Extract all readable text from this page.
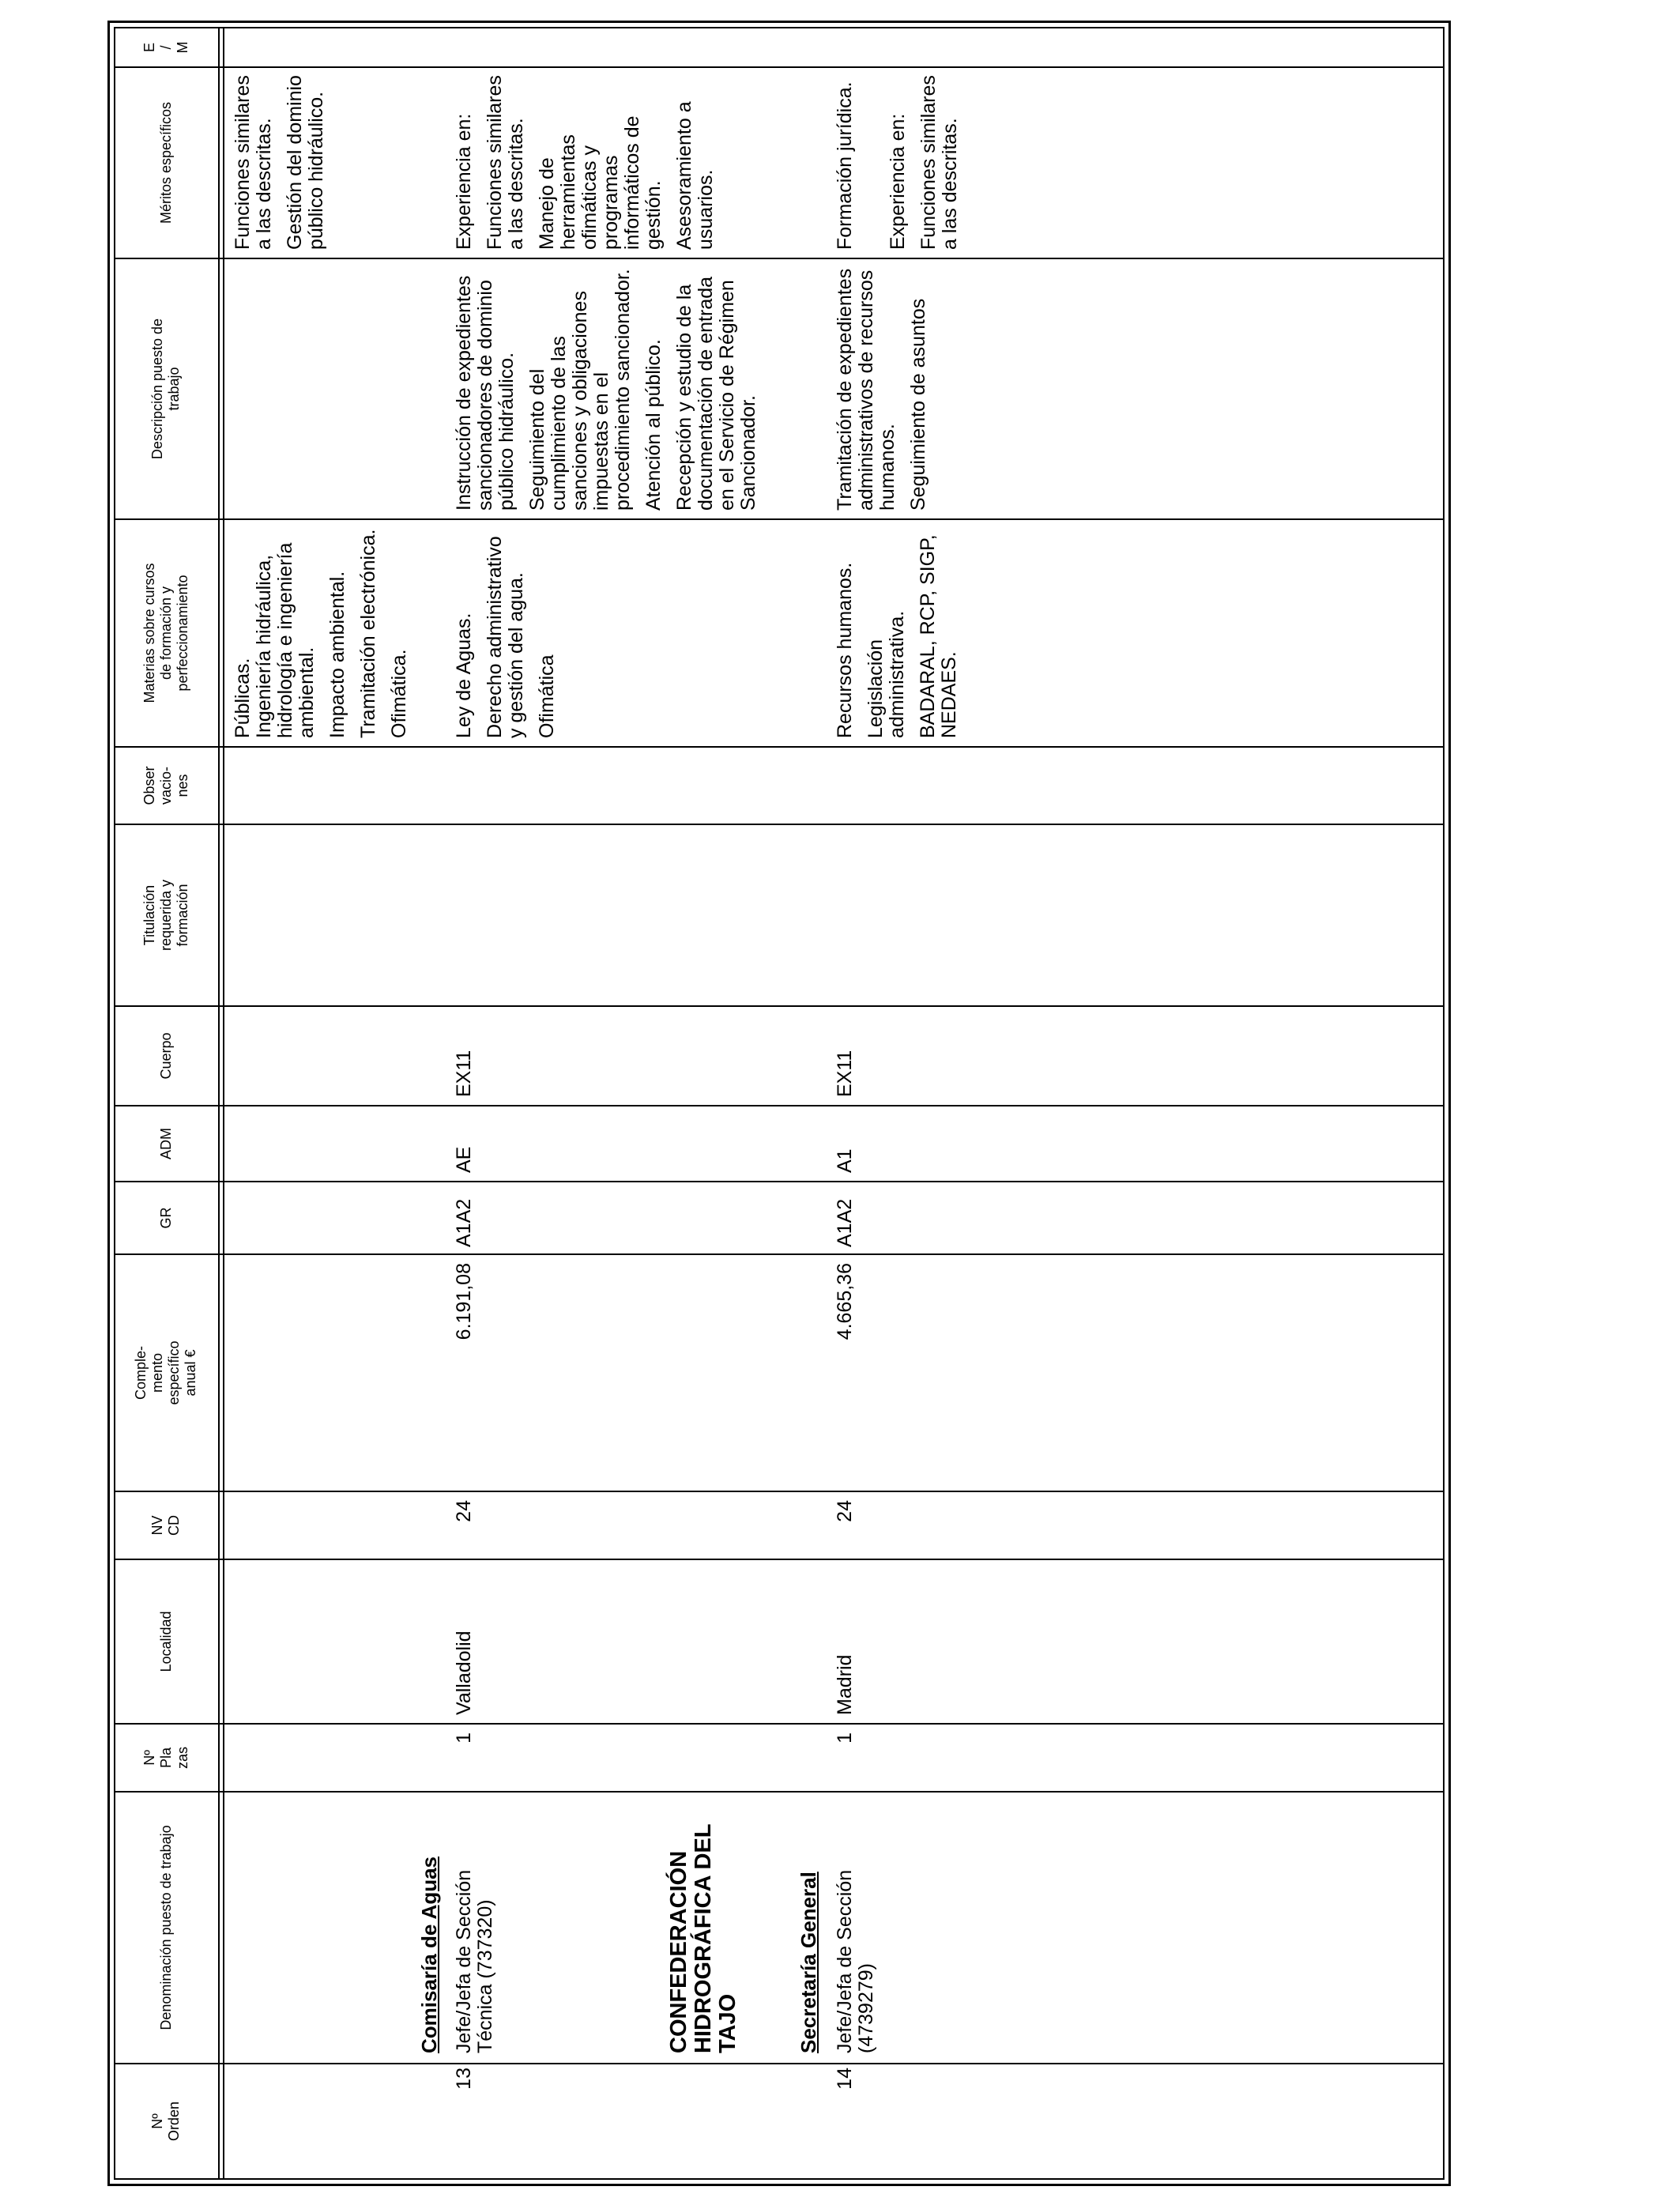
Nº
Orden
Denominación puesto de trabajo
Nº
Pla
zas
Localidad
NV
CD
Comple-
mento
específico
anual €
GR
ADM
Cuerpo
Titulación
requerida y
formación
Obser
vacio-
nes
Materias sobre cursos
de formación y
perfeccionamiento
Descripción puesto de
trabajo
Méritos específicos
E
/
M

Públicas. Ingeniería hidráulica, hidrología e ingeniería ambiental. Impacto ambiental. Tramitación electrónica. Ofimática.

Funciones similares a las descritas. Gestión del dominio público hidráulico.

Comisaría de Aguas
13
Jefe/Jefa de Sección Técnica (737320)
1
Valladolid
24
6.191,08
A1A2
AE
EX11

Ley de Aguas. Derecho administrativo y gestión del agua. Ofimática

Instrucción de expedientes sancionadores de dominio público hidráulico. Seguimiento del cumplimiento de las sanciones y obligaciones impuestas en el procedimiento sancionador. Atención al público. Recepción y estudio de la documentación de entrada en el Servicio de Régimen Sancionador.

Experiencia en: Funciones similares a las descritas. Manejo de herramientas ofimáticas y programas informáticos de gestión. Asesoramiento a usuarios.

CONFEDERACIÓN HIDROGRÁFICA DEL TAJO	Secretaría General
14
Jefe/Jefa de Sección (4739279)
1
Madrid
24
4.665,36
A1A2
A1
EX11

Recursos humanos. Legislación administrativa. BADARAL, RCP, SIGP, NEDAES.

Tramitación de expedientes administrativos de recursos humanos. Seguimiento de asuntos

Formación jurídica. Experiencia en: Funciones similares a las descritas.
